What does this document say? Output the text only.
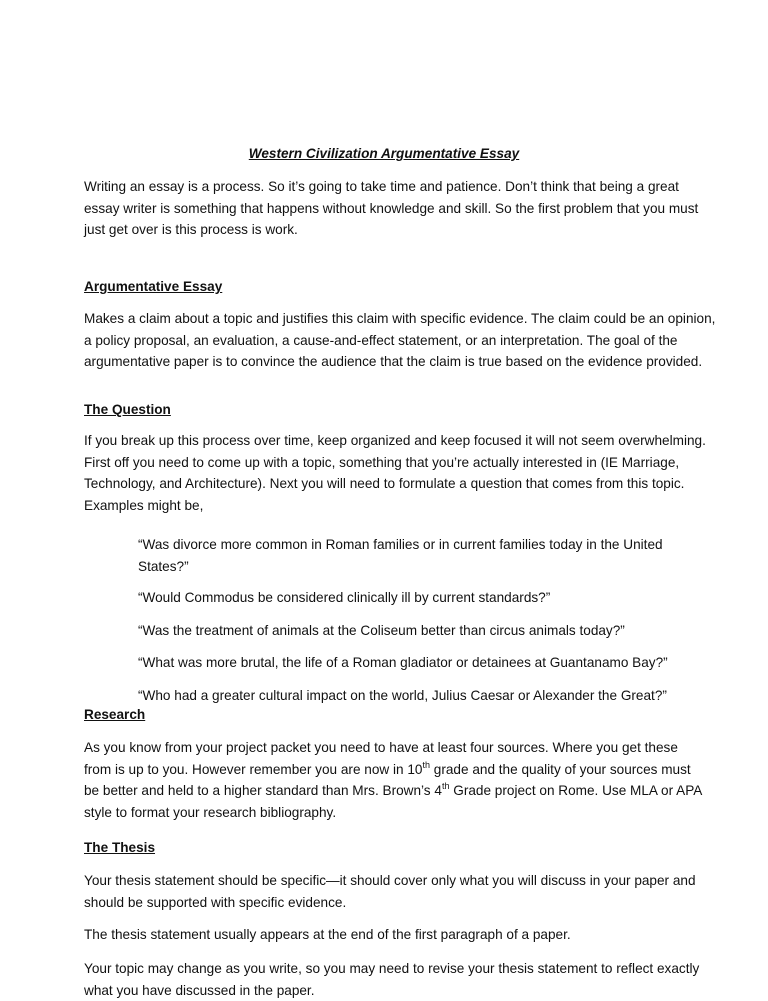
Western Civilization Argumentative Essay
Writing an essay is a process. So it’s going to take time and patience. Don’t think that being a great
essay writer is something that happens without knowledge and skill. So the first problem that you must
just get over is this process is work.
Argumentative Essay
Makes a claim about a topic and justifies this claim with specific evidence. The claim could be an opinion,
a policy proposal, an evaluation, a cause-and-effect statement, or an interpretation. The goal of the
argumentative paper is to convince the audience that the claim is true based on the evidence provided.
The Question
If you break up this process over time, keep organized and keep focused it will not seem overwhelming.
First off you need to come up with a topic, something that you’re actually interested in (IE Marriage,
Technology, and Architecture). Next you will need to formulate a question that comes from this topic.
Examples might be,
“Was divorce more common in Roman families or in current families today in the United
States?”
“Would Commodus be considered clinically ill by current standards?”
“Was the treatment of animals at the Coliseum better than circus animals today?”
“What was more brutal, the life of a Roman gladiator or detainees at Guantanamo Bay?”
“Who had a greater cultural impact on the world, Julius Caesar or Alexander the Great?”
Research
As you know from your project packet you need to have at least four sources. Where you get these
from is up to you. However remember you are now in 10th grade and the quality of your sources must
be better and held to a higher standard than Mrs. Brown’s 4th Grade project on Rome. Use MLA or APA
style to format your research bibliography.
The Thesis
Your thesis statement should be specific—it should cover only what you will discuss in your paper and
should be supported with specific evidence.
The thesis statement usually appears at the end of the first paragraph of a paper.
Your topic may change as you write, so you may need to revise your thesis statement to reflect exactly
what you have discussed in the paper.
